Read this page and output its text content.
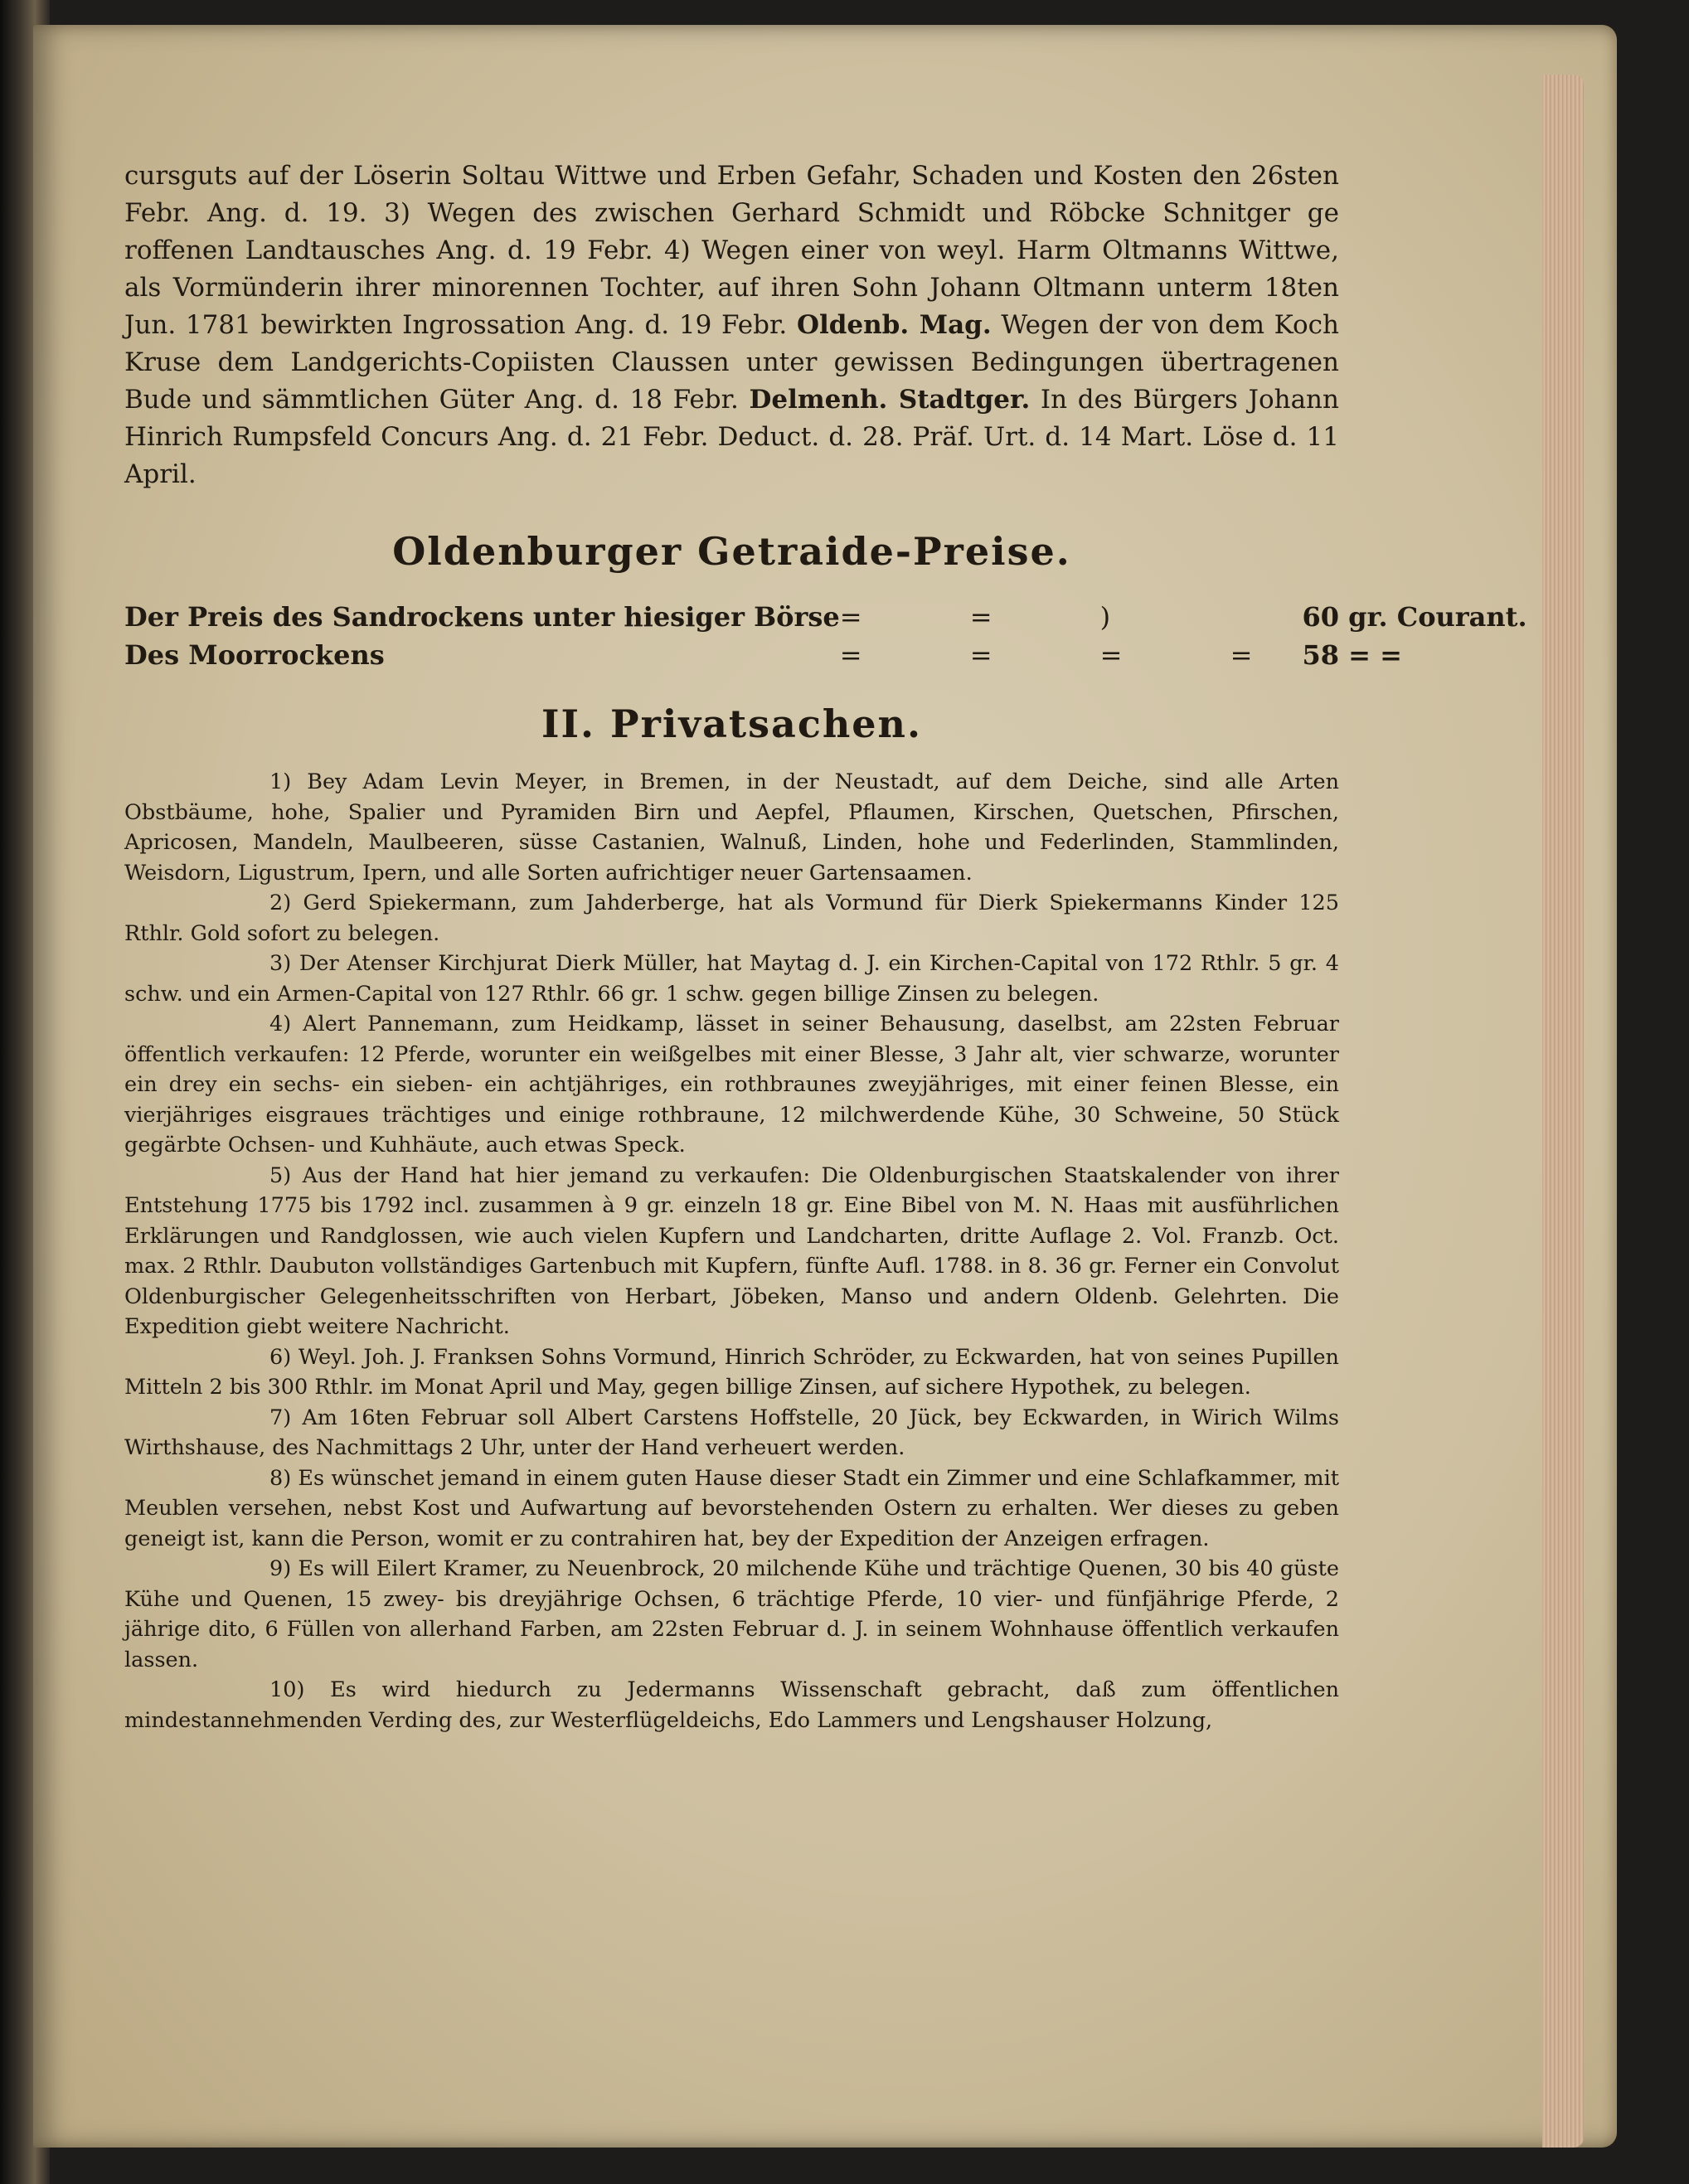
cursguts auf der Löserin Soltau Wittwe und Erben Gefahr, Schaden und Kosten den 26sten Febr. Ang. d. 19. 3) Wegen des zwischen Gerhard Schmidt und Röbcke Schnitger ge roffenen Landtausches Ang. d. 19 Febr. 4) Wegen einer von weyl. Harm Oltmanns Wittwe, als Vormünderin ihrer minorennen Tochter, auf ihren Sohn Johann Oltmann unterm 18ten Jun. 1781 bewirkten Ingrossation Ang. d. 19 Febr. Oldenb. Mag. Wegen der von dem Koch Kruse dem Landgerichts-Copiisten Claussen unter gewissen Bedingungen übertragenen Bude und sämmtlichen Güter Ang. d. 18 Febr. Delmenh. Stadtger. In des Bürgers Johann Hinrich Rumpsfeld Concurs Ang. d. 21 Febr. Deduct. d. 28. Präf. Urt. d. 14 Mart. Löse d. 11 April.

Oldenburger Getraide-Preise.
Der Preis des Sandrockens unter hiesiger Börse	= = )	60 gr. Courant.
Des Moorrockens	= = = =	58 = =
II. Privatsachen.

1) Bey Adam Levin Meyer, in Bremen, in der Neustadt, auf dem Deiche, sind alle Arten Obstbäume, hohe, Spalier und Pyramiden Birn und Aepfel, Pflaumen, Kirschen, Quetschen, Pfirschen, Apricosen, Mandeln, Maulbeeren, süsse Castanien, Walnuß, Linden, hohe und Federlinden, Stammlinden, Weisdorn, Ligustrum, Ipern, und alle Sorten aufrichtiger neuer Gartensaamen.

2) Gerd Spiekermann, zum Jahderberge, hat als Vormund für Dierk Spiekermanns Kinder 125 Rthlr. Gold sofort zu belegen.

3) Der Atenser Kirchjurat Dierk Müller, hat Maytag d. J. ein Kirchen-Capital von 172 Rthlr. 5 gr. 4 schw. und ein Armen-Capital von 127 Rthlr. 66 gr. 1 schw. gegen billige Zinsen zu belegen.

4) Alert Pannemann, zum Heidkamp, lässet in seiner Behausung, daselbst, am 22sten Februar öffentlich verkaufen: 12 Pferde, worunter ein weißgelbes mit einer Blesse, 3 Jahr alt, vier schwarze, worunter ein drey ein sechs- ein sieben- ein achtjähriges, ein rothbraunes zweyjähriges, mit einer feinen Blesse, ein vierjähriges eisgraues trächtiges und einige rothbraune, 12 milchwerdende Kühe, 30 Schweine, 50 Stück gegärbte Ochsen- und Kuhhäute, auch etwas Speck.

5) Aus der Hand hat hier jemand zu verkaufen: Die Oldenburgischen Staatskalender von ihrer Entstehung 1775 bis 1792 incl. zusammen à 9 gr. einzeln 18 gr. Eine Bibel von M. N. Haas mit ausführlichen Erklärungen und Randglossen, wie auch vielen Kupfern und Landcharten, dritte Auflage 2. Vol. Franzb. Oct. max. 2 Rthlr. Daubuton vollständiges Gartenbuch mit Kupfern, fünfte Aufl. 1788. in 8. 36 gr. Ferner ein Convolut Oldenburgischer Gelegenheitsschriften von Herbart, Jöbeken, Manso und andern Oldenb. Gelehrten. Die Expedition giebt weitere Nachricht.

6) Weyl. Joh. J. Franksen Sohns Vormund, Hinrich Schröder, zu Eckwarden, hat von seines Pupillen Mitteln 2 bis 300 Rthlr. im Monat April und May, gegen billige Zinsen, auf sichere Hypothek, zu belegen.

7) Am 16ten Februar soll Albert Carstens Hoffstelle, 20 Jück, bey Eckwarden, in Wirich Wilms Wirthshause, des Nachmittags 2 Uhr, unter der Hand verheuert werden.

8) Es wünschet jemand in einem guten Hause dieser Stadt ein Zimmer und eine Schlafkammer, mit Meublen versehen, nebst Kost und Aufwartung auf bevorstehenden Ostern zu erhalten. Wer dieses zu geben geneigt ist, kann die Person, womit er zu contrahiren hat, bey der Expedition der Anzeigen erfragen.

9) Es will Eilert Kramer, zu Neuenbrock, 20 milchende Kühe und trächtige Quenen, 30 bis 40 güste Kühe und Quenen, 15 zwey- bis dreyjährige Ochsen, 6 trächtige Pferde, 10 vier- und fünfjährige Pferde, 2 jährige dito, 6 Füllen von allerhand Farben, am 22sten Februar d. J. in seinem Wohnhause öffentlich verkaufen lassen.

10) Es wird hiedurch zu Jedermanns Wissenschaft gebracht, daß zum öffentlichen mindestannehmenden Verding des, zur Westerflügeldeichs, Edo Lammers und Lengshauser Holzung,
